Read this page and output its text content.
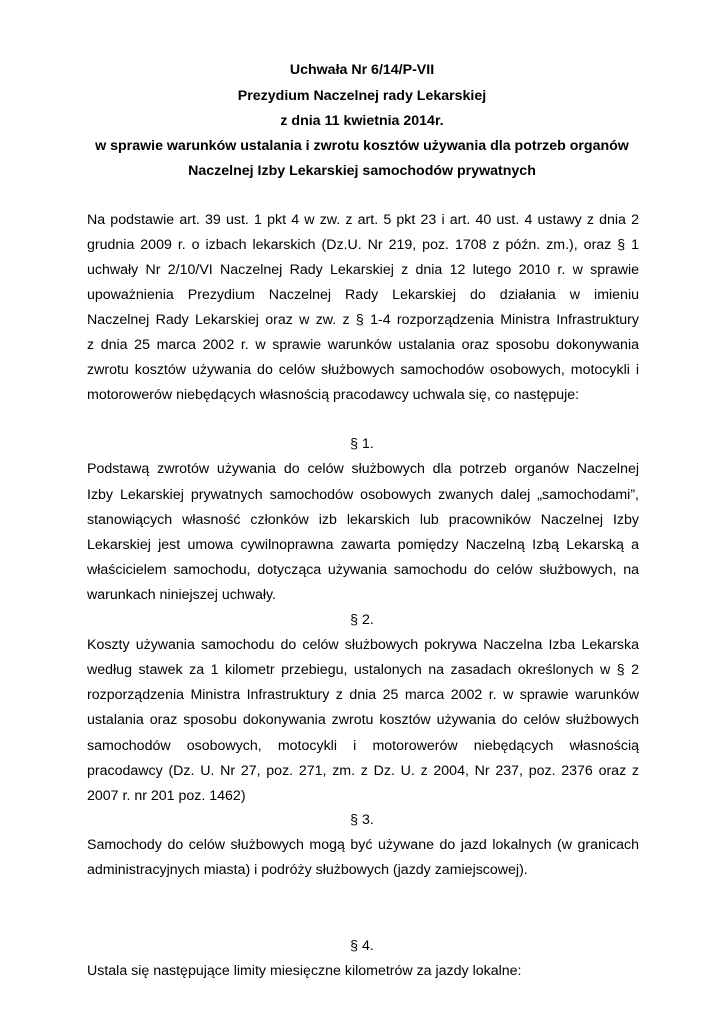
Uchwała Nr 6/14/P-VII
Prezydium Naczelnej rady Lekarskiej
z dnia 11 kwietnia 2014r.
w sprawie warunków ustalania i zwrotu kosztów używania dla potrzeb organów
Naczelnej Izby Lekarskiej samochodów prywatnych
Na podstawie art. 39 ust. 1 pkt 4 w zw. z art. 5 pkt 23 i art. 40 ust. 4 ustawy z dnia 2
grudnia 2009 r. o izbach lekarskich (Dz.U. Nr 219, poz. 1708 z późn. zm.), oraz § 1
uchwały Nr 2/10/VI Naczelnej Rady Lekarskiej z dnia 12 lutego 2010 r. w sprawie
upoważnienia Prezydium Naczelnej Rady Lekarskiej do działania w imieniu
Naczelnej Rady Lekarskiej oraz w zw. z § 1-4 rozporządzenia Ministra Infrastruktury
z dnia 25 marca 2002 r. w sprawie warunków ustalania oraz sposobu dokonywania
zwrotu kosztów używania do celów służbowych samochodów osobowych, motocykli i
motorowerów niebędących własnością pracodawcy uchwala się, co następuje:
§ 1.
Podstawą zwrotów używania do celów służbowych dla potrzeb organów Naczelnej
Izby Lekarskiej prywatnych samochodów osobowych zwanych dalej „samochodami”,
stanowiących własność członków izb lekarskich lub pracowników Naczelnej Izby
Lekarskiej jest umowa cywilnoprawna zawarta pomiędzy Naczelną Izbą Lekarską a
właścicielem samochodu, dotycząca używania samochodu do celów służbowych, na
warunkach niniejszej uchwały.
§ 2.
Koszty używania samochodu do celów służbowych pokrywa Naczelna Izba Lekarska
według stawek za 1 kilometr przebiegu, ustalonych na zasadach określonych w § 2
rozporządzenia Ministra Infrastruktury z dnia 25 marca 2002 r. w sprawie warunków
ustalania oraz sposobu dokonywania zwrotu kosztów używania do celów służbowych
samochodów osobowych, motocykli i motorowerów niebędących własnością
pracodawcy (Dz. U. Nr 27, poz. 271, zm. z Dz. U. z 2004, Nr 237, poz. 2376 oraz z
2007 r. nr 201 poz. 1462)
§ 3.
Samochody do celów służbowych mogą być używane do jazd lokalnych (w granicach
administracyjnych miasta) i podróży służbowych (jazdy zamiejscowej).
§ 4.
Ustala się następujące limity miesięczne kilometrów za jazdy lokalne:
